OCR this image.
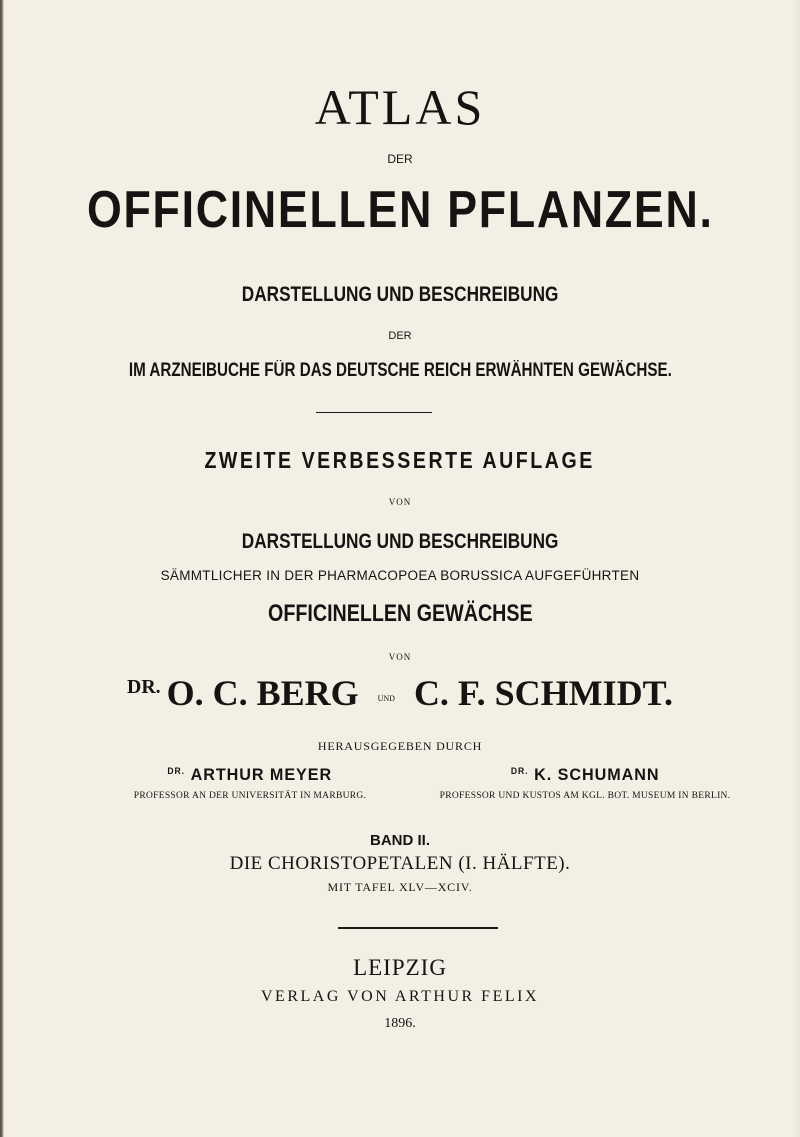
ATLAS
DER
OFFICINELLEN PFLANZEN.
DARSTELLUNG UND BESCHREIBUNG
DER
IM ARZNEIBUCHE FÜR DAS DEUTSCHE REICH ERWÄHNTEN GEWÄCHSE.
ZWEITE VERBESSERTE AUFLAGE
VON
DARSTELLUNG UND BESCHREIBUNG
SÄMMTLICHER IN DER PHARMACOPOEA BORUSSICA AUFGEFÜHRTEN
OFFICINELLEN GEWÄCHSE
VON
$^{DR.}$ O. C. BERG UND C. F. SCHMIDT.
HERAUSGEGEBEN DURCH
$^{DR.}$ ARTHUR MEYER
PROFESSOR AN DER UNIVERSITÄT IN MARBURG.
$^{DR.}$ K. SCHUMANN
PROFESSOR UND KUSTOS AM KGL. BOT. MUSEUM IN BERLIN.
BAND II.
DIE CHORISTOPETALEN (I. HÄLFTE).
MIT TAFEL XLV—XCIV.
LEIPZIG
VERLAG VON ARTHUR FELIX
1896.
